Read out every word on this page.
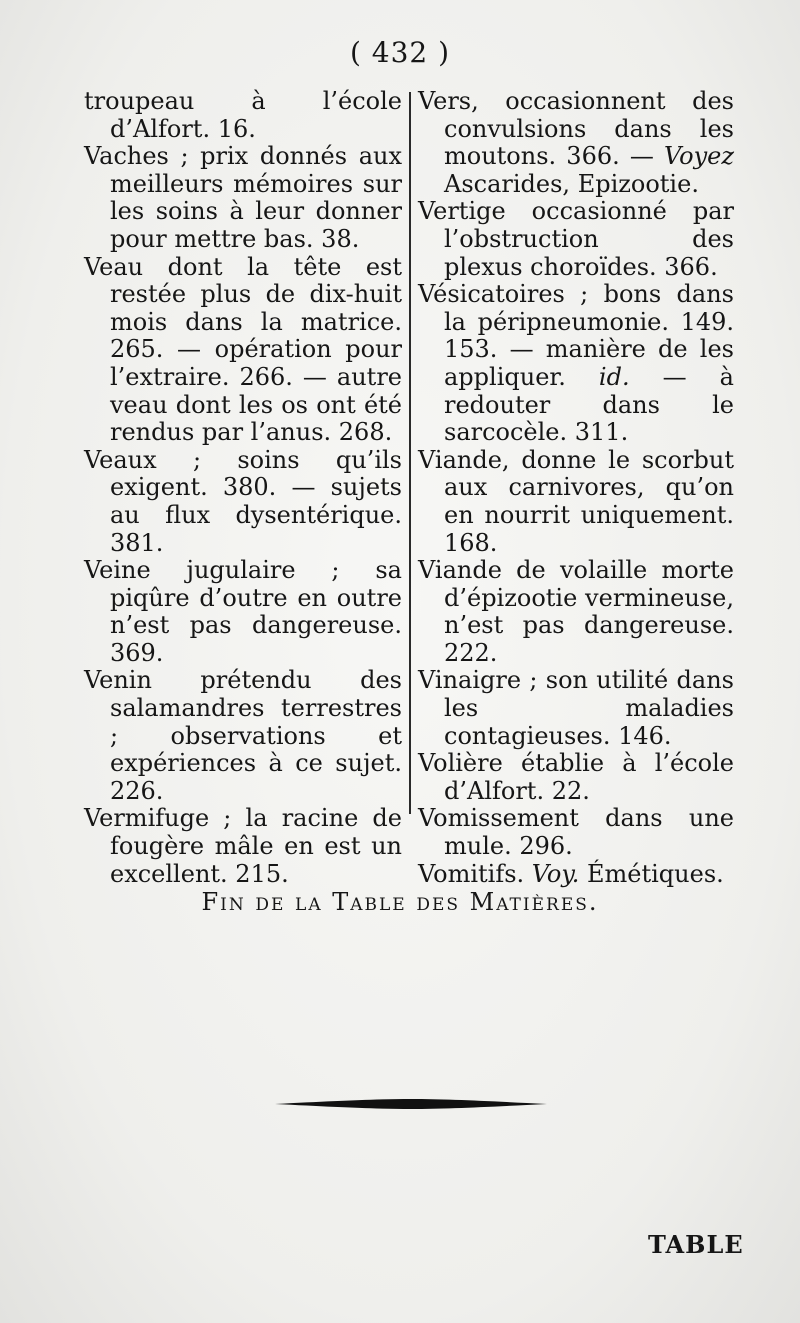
( 432 )

troupeau à l’école d’Alfort. 16.

Vaches ; prix donnés aux meilleurs mémoires sur les soins à leur donner pour mettre bas. 38.

Veau dont la tête est restée plus de dix-huit mois dans la matrice. 265. — opération pour l’extraire. 266. — autre veau dont les os ont été rendus par l’anus. 268.

Veaux ; soins qu’ils exigent. 380. — sujets au flux dysentérique. 381.

Veine jugulaire ; sa piqûre d’outre en outre n’est pas dangereuse. 369.

Venin prétendu des salamandres terrestres ; observations et expériences à ce sujet. 226.

Vermifuge ; la racine de fougère mâle en est un excellent. 215.

Vers, occasionnent des convulsions dans les moutons. 366. — Voyez Ascarides, Epizootie.

Vertige occasionné par l’obstruction des plexus choroïdes. 366.

Vésicatoires ; bons dans la péripneumonie. 149. 153. — manière de les appliquer. id. — à redouter dans le sarcocèle. 311.

Viande, donne le scorbut aux carnivores, qu’on en nourrit uniquement. 168.

Viande de volaille morte d’épizootie vermineuse, n’est pas dangereuse. 222.

Vinaigre ; son utilité dans les maladies contagieuses. 146.

Volière établie à l’école d’Alfort. 22.

Vomissement dans une mule. 296.

Vomitifs. Voy. Émétiques.

Fin de la Table des Matières.
TABLE
